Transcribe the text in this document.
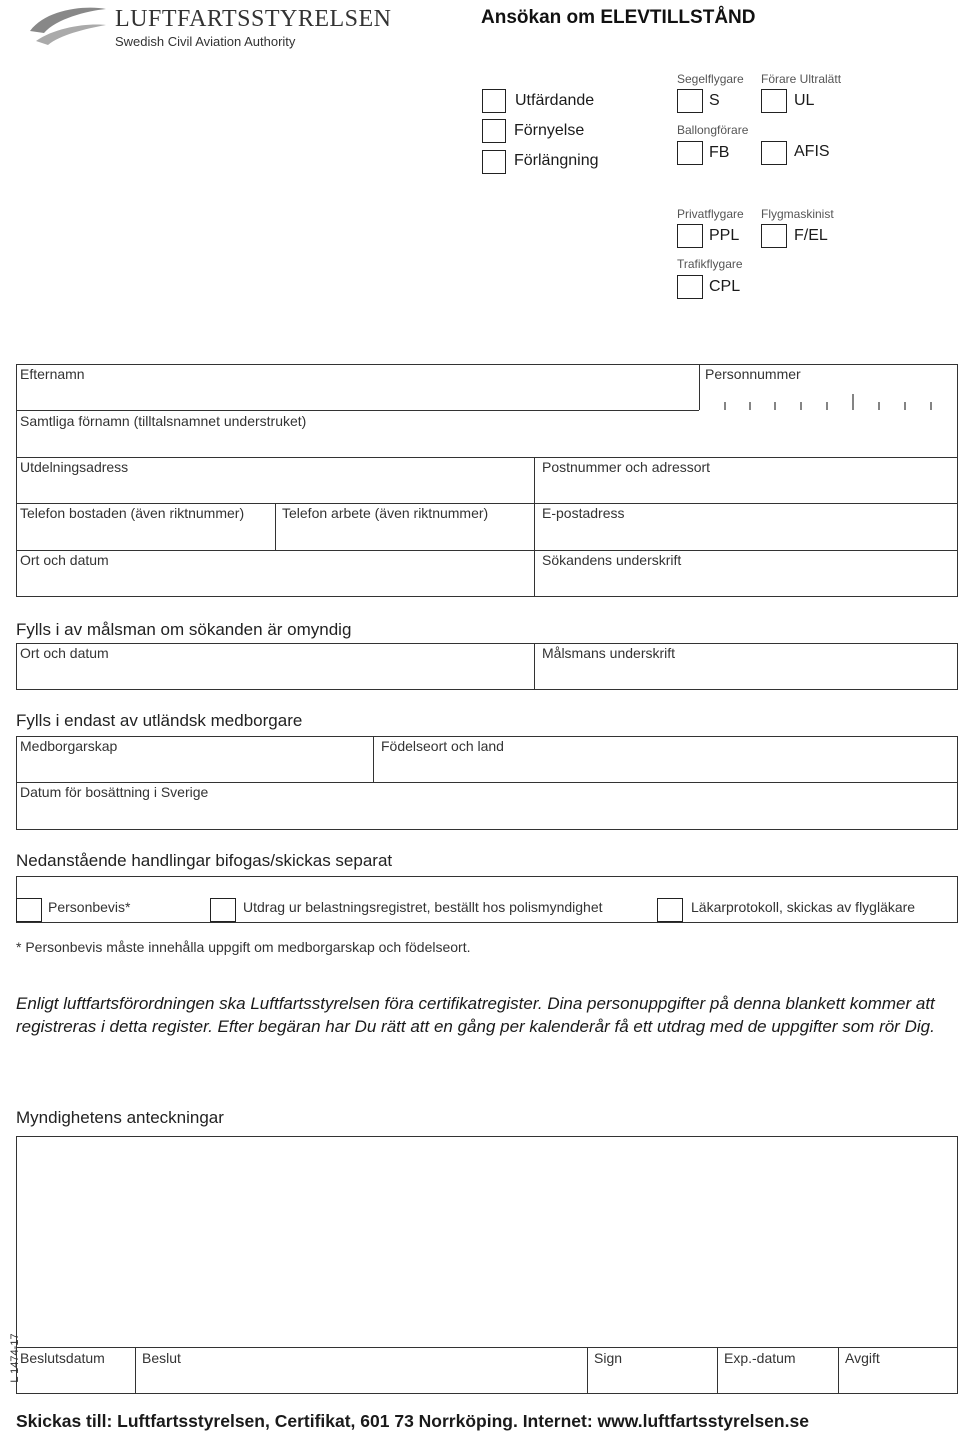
LUFTFARTSSTYRELSEN
Swedish Civil Aviation Authority
Ansökan om ELEVTILLSTÅND
Utfärdande
Förnyelse
Förlängning
Segelflygare
S
Förare Ultralätt
UL
Ballongförare
FB	AFIS
Privatflygare
PPL
Flygmaskinist
F/EL
Trafikflygare
CPL
Efternamn	Personnummer
Samtliga förnamn (tilltalsnamnet understruket)
Utdelningsadress	Postnummer och adressort
Telefon bostaden (även riktnummer)	Telefon arbete (även riktnummer)	E-postadress
Ort och datum	Sökandens underskrift
Fylls i av målsman om sökanden är omyndig
Ort och datum	Målsmans underskrift
Fylls i endast av utländsk medborgare
Medborgarskap	Födelseort och land
Datum för bosättning i Sverige
Nedanstående handlingar bifogas/skickas separat
Personbevis*	Utdrag ur belastningsregistret, beställt hos polismyndighet	Läkarprotokoll, skickas av flygläkare
* Personbevis måste innehålla uppgift om medborgarskap och födelseort.
Enligt luftfartsförordningen ska Luftfartsstyrelsen föra certifikatregister. Dina personuppgifter på denna blankett kommer att registreras i detta register. Efter begäran har Du rätt att en gång per kalenderår få ett utdrag med de uppgifter som rör Dig.
Myndighetens anteckningar
Beslutsdatum	Beslut	Sign	Exp.-datum	Avgift
L 1474-17
Skickas till: Luftfartsstyrelsen, Certifikat, 601 73 Norrköping. Internet: www.luftfartsstyrelsen.se
